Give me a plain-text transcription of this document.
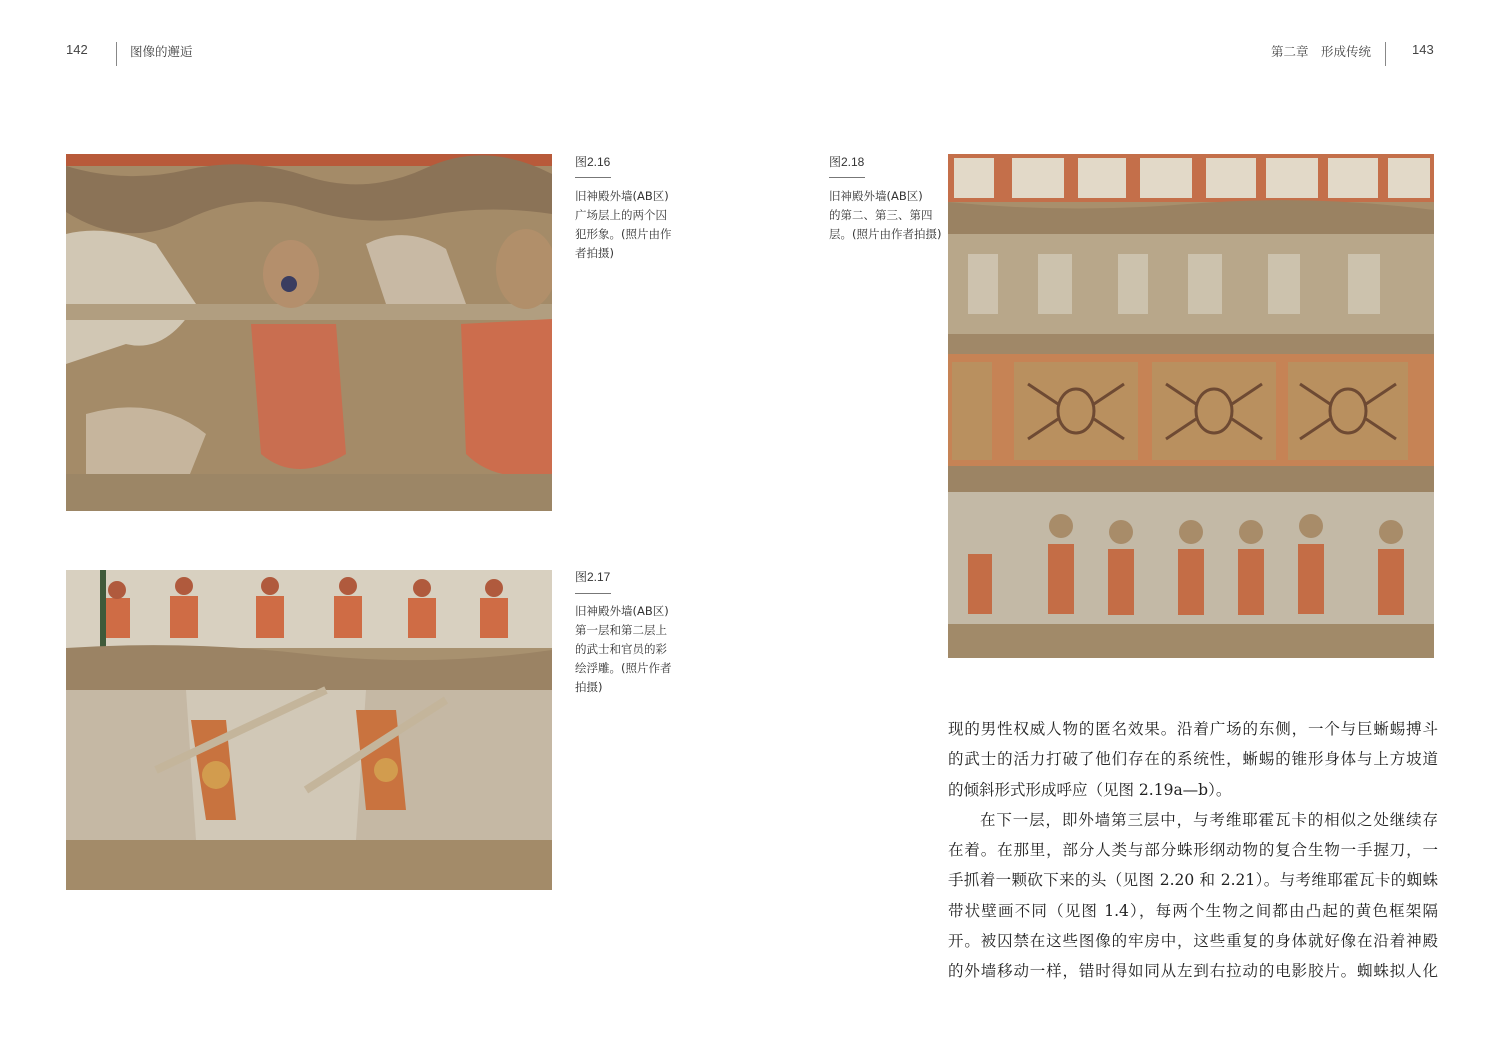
142	图像的邂逅	第二章　形成传统	143
图2.16

旧神殿外墙(AB区)

广场层上的两个囚

犯形象。(照片由作

者拍摄)

图2.17

旧神殿外墙(AB区)

第一层和第二层上

的武士和官员的彩

绘浮雕。(照片作者

拍摄)

图2.18

旧神殿外墙(AB区)

的第二、第三、第四

层。(照片由作者拍摄)

现的男性权威人物的匿名效果。沿着广场的东侧，一个与巨蜥蜴搏斗
的武士的活力打破了他们存在的系统性，蜥蜴的锥形身体与上方坡道
的倾斜形式形成呼应（见图 2.19a—b）。
在下一层，即外墙第三层中，与考维耶霍瓦卡的相似之处继续存
在着。在那里，部分人类与部分蛛形纲动物的复合生物一手握刀，一
手抓着一颗砍下来的头（见图 2.20 和 2.21）。与考维耶霍瓦卡的蜘蛛
带状壁画不同（见图 1.4），每两个生物之间都由凸起的黄色框架隔
开。被囚禁在这些图像的牢房中，这些重复的身体就好像在沿着神殿
的外墙移动一样，错时得如同从左到右拉动的电影胶片。蜘蛛拟人化
